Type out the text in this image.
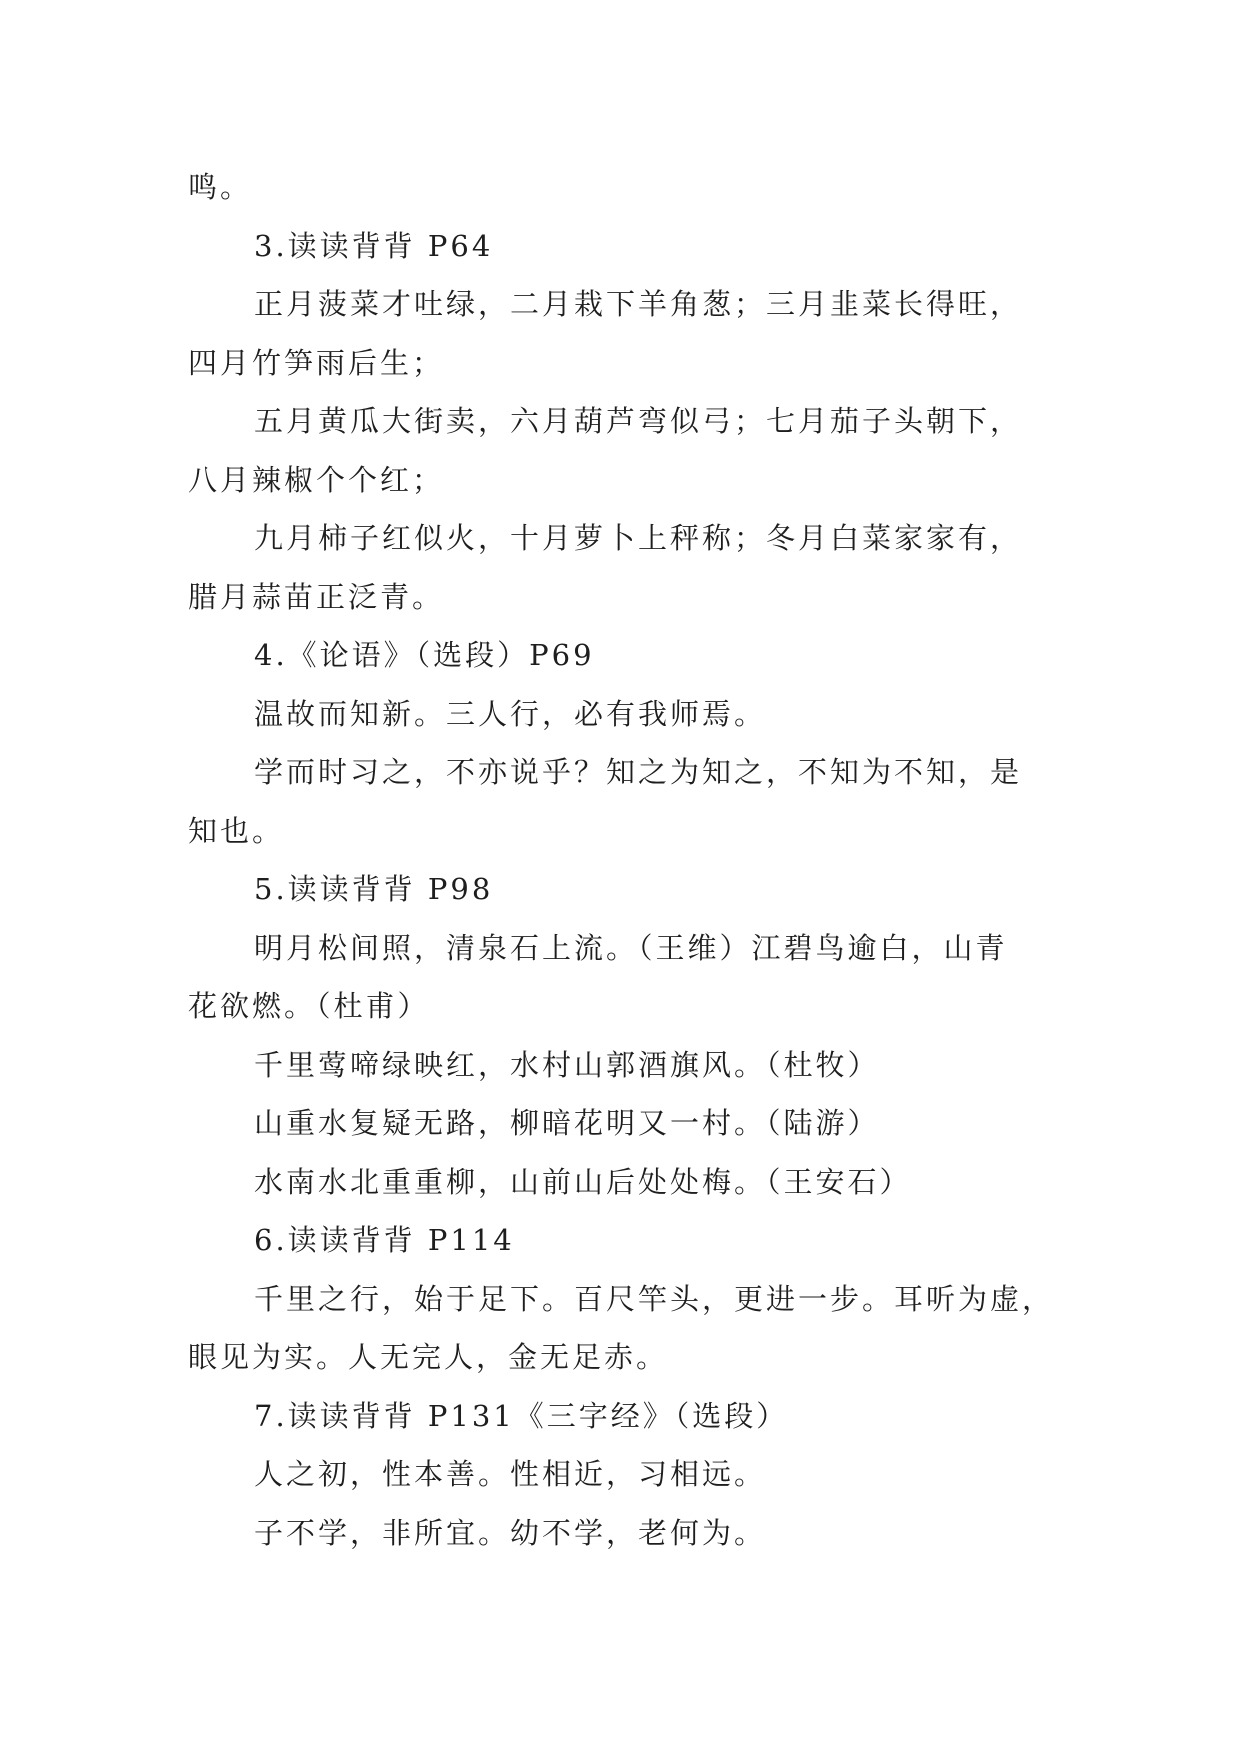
鸣。
3.读读背背 P64
正月菠菜才吐绿，二月栽下羊角葱；三月韭菜长得旺，
四月竹笋雨后生；
五月黄瓜大街卖，六月葫芦弯似弓；七月茄子头朝下，
八月辣椒个个红；
九月柿子红似火，十月萝卜上秤称；冬月白菜家家有，
腊月蒜苗正泛青。
4.《论语》（选段）P69
温故而知新。三人行，必有我师焉。
学而时习之，不亦说乎？知之为知之，不知为不知，是
知也。
5.读读背背 P98
明月松间照，清泉石上流。（王维）江碧鸟逾白，山青
花欲燃。（杜甫）
千里莺啼绿映红，水村山郭酒旗风。（杜牧）
山重水复疑无路，柳暗花明又一村。（陆游）
水南水北重重柳，山前山后处处梅。（王安石）
6.读读背背 P114
千里之行，始于足下。百尺竿头，更进一步。耳听为虚，
眼见为实。人无完人，金无足赤。
7.读读背背 P131《三字经》（选段）
人之初，性本善。性相近，习相远。
子不学，非所宜。幼不学，老何为。
